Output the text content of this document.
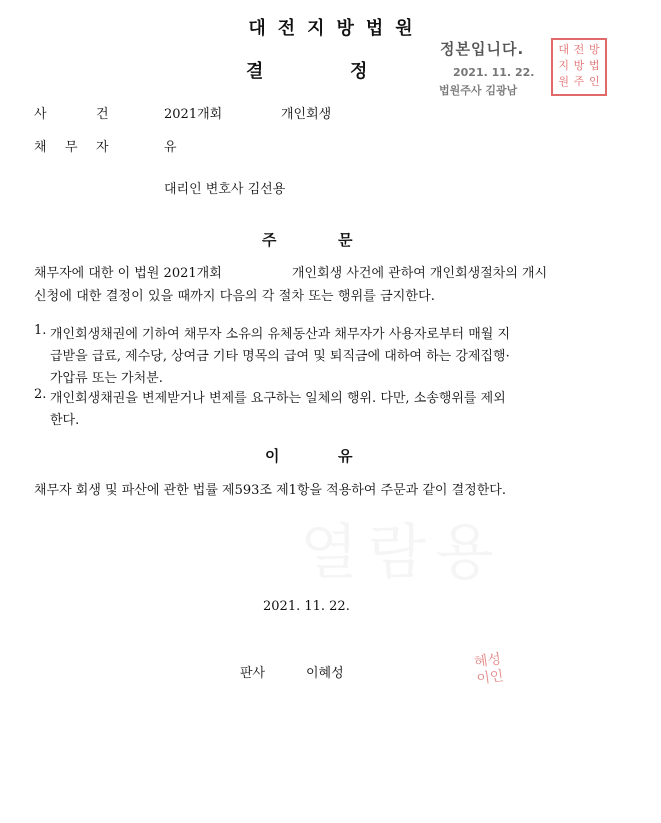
열람용
대전지방법원
결	정
정본입니다.
2021. 11. 22.
법원주사 김광남
대 전 방
지 방 법
원 주 인
사	건	2021개회	개인회생
채 무 자	유
대리인 변호사 김선용
주	문
채무자에 대한 이 법원 2021개회	개인회생 사건에 관하여 개인회생절차의 개시
신청에 대한 결정이 있을 때까지 다음의 각 절차 또는 행위를 금지한다.
1. 개인회생채권에 기하여 채무자 소유의 유체동산과 채무자가 사용자로부터 매월 지
급받을 급료, 제수당, 상여금 기타 명목의 급여 및 퇴직금에 대하여 하는 강제집행·
가압류 또는 가처분.
2. 개인회생채권을 변제받거나 변제를 요구하는 일체의 행위. 다만, 소송행위를 제외
한다.
이	유
채무자 회생 및 파산에 관한 법률 제593조 제1항을 적용하여 주문과 같이 결정한다.
2021. 11. 22.
판사	이혜성
혜성
이인
